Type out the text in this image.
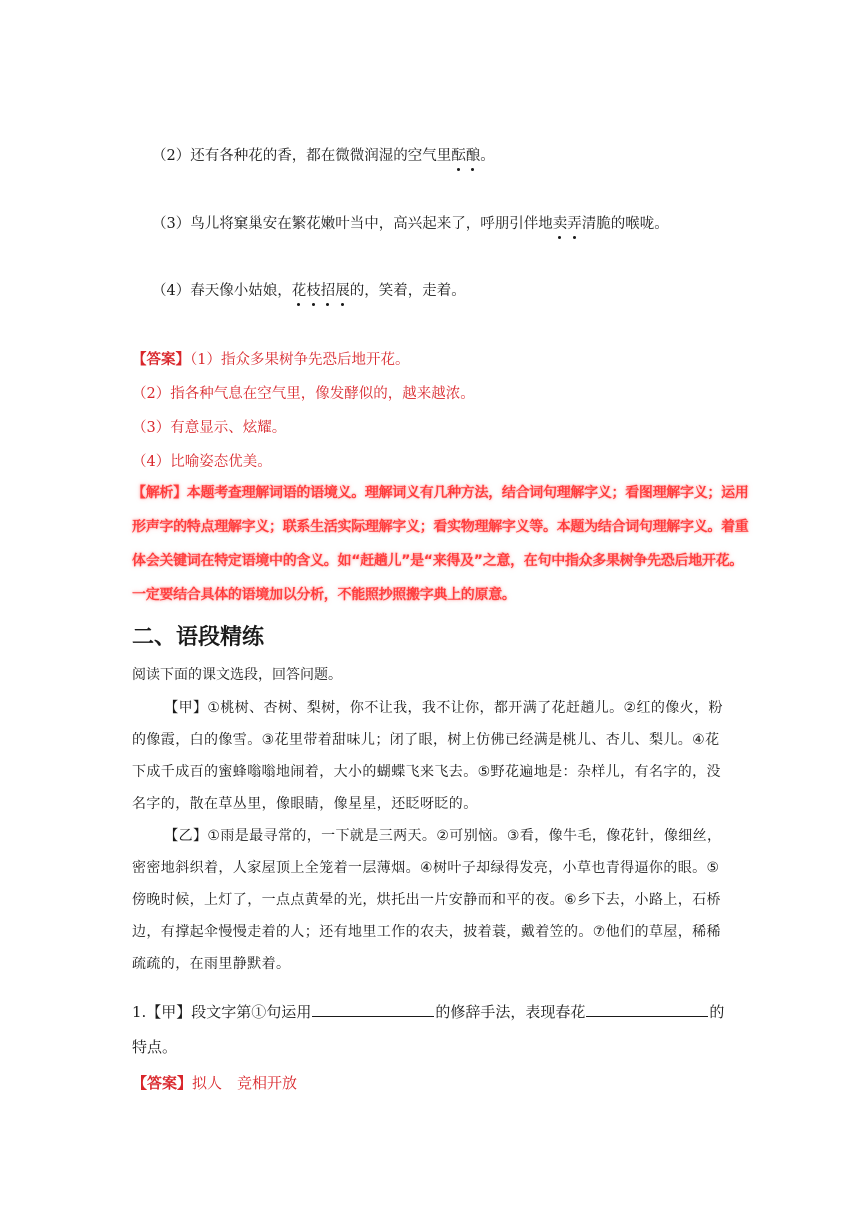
（2）还有各种花的香，都在微微润湿的空气里酝酿。
（3）鸟儿将窠巢安在繁花嫩叶当中，高兴起来了，呼朋引伴地卖弄清脆的喉咙。
（4）春天像小姑娘，花枝招展的，笑着，走着。
【答案】（1）指众多果树争先恐后地开花。
（2）指各种气息在空气里，像发酵似的，越来越浓。
（3）有意显示、炫耀。
（4）比喻姿态优美。
【解析】本题考查理解词语的语境义。理解词义有几种方法，结合词句理解字义；看图理解字义；运用形声字的特点理解字义；联系生活实际理解字义；看实物理解字义等。本题为结合词句理解字义。着重体会关键词在特定语境中的含义。如“赶趟儿”是“来得及”之意，在句中指众多果树争先恐后地开花。一定要结合具体的语境加以分析，不能照抄照搬字典上的原意。
二、语段精练
阅读下面的课文选段，回答问题。
【甲】①桃树、杏树、梨树，你不让我，我不让你，都开满了花赶趟儿。②红的像火，粉的像霞，白的像雪。③花里带着甜味儿；闭了眼，树上仿佛已经满是桃儿、杏儿、梨儿。④花下成千成百的蜜蜂嗡嗡地闹着，大小的蝴蝶飞来飞去。⑤野花遍地是：杂样儿，有名字的，没名字的，散在草丛里，像眼睛，像星星，还眨呀眨的。
【乙】①雨是最寻常的，一下就是三两天。②可别恼。③看，像牛毛，像花针，像细丝，密密地斜织着，人家屋顶上全笼着一层薄烟。④树叶子却绿得发亮，小草也青得逼你的眼。⑤傍晚时候，上灯了，一点点黄晕的光，烘托出一片安静而和平的夜。⑥乡下去，小路上，石桥边，有撑起伞慢慢走着的人；还有地里工作的农夫，披着蓑，戴着笠的。⑦他们的草屋，稀稀疏疏的，在雨里静默着。
1.【甲】段文字第①句运用	的修辞手法，表现春花	的
特点。
【答案】拟人　竞相开放
